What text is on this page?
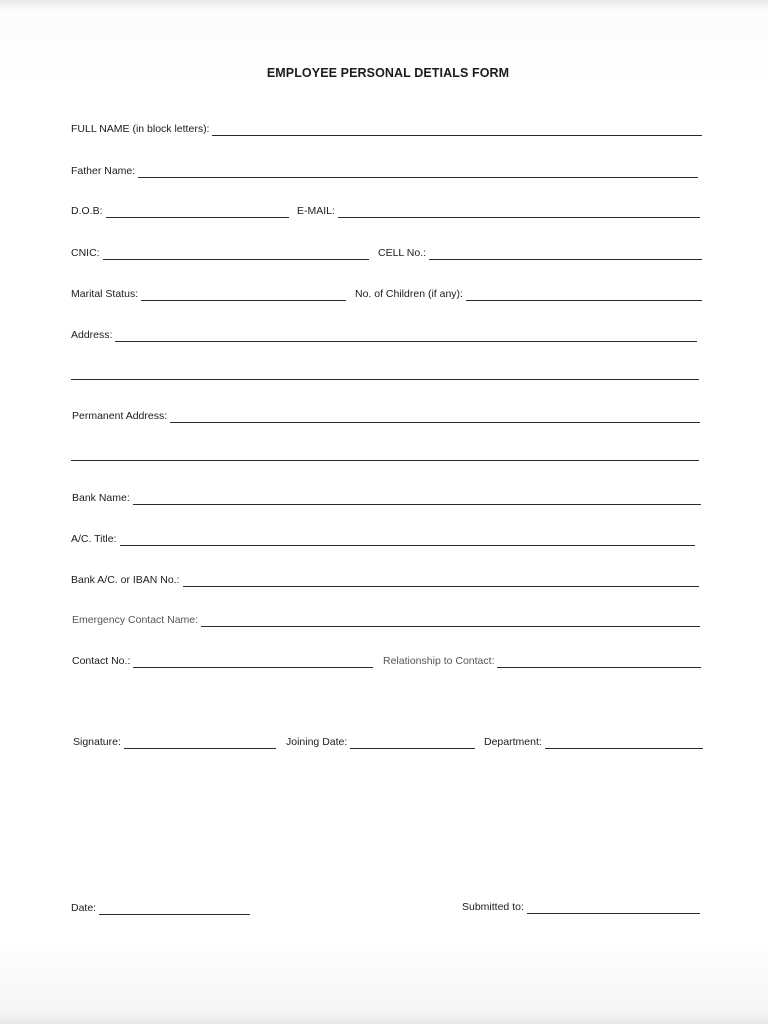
EMPLOYEE PERSONAL DETIALS FORM
FULL NAME (in block letters):
Father Name:
D.O.B:	E-MAIL:
CNIC:	CELL No.:
Marital Status:	No. of Children (if any):
Address:
Permanent Address:
Bank Name:
A/C. Title:
Bank A/C. or IBAN No.:
Emergency Contact Name:
Contact No.:	Relationship to Contact:
Signature:	Joining Date:	Department:
Date:	Submitted to:
